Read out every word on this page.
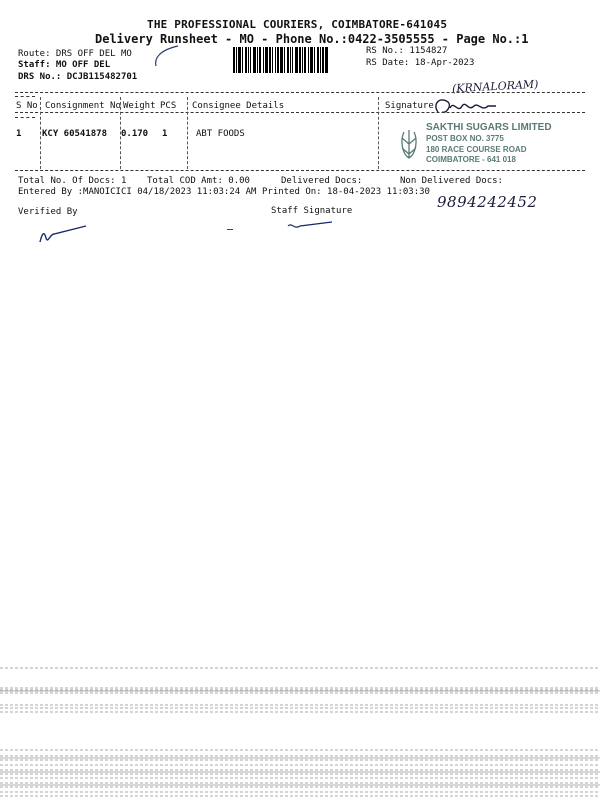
THE PROFESSIONAL COURIERS, COIMBATORE-641045
Delivery Runsheet - MO - Phone No.:0422-3505555 - Page No.:1
Route: DRS OFF DEL MO
Staff: MO OFF DEL
DRS No.: DCJB115482701
RS No.: 1154827
RS Date: 18-Apr-2023
(KRNALORAM)
S No Consignment No Weight PCS Consignee Details	Signature
1 KCY 60541878 0.170 1	ABT FOODS
SAKTHI SUGARS LIMITED
POST BOX NO. 3775
180 RACE COURSE ROAD
COIMBATORE - 641 018
Total No. Of Docs: 1 Total COD Amt: 0.00	Delivered Docs:	Non Delivered Docs:
Entered By :MANOICICI 04/18/2023 11:03:24 AM Printed On: 18-04-2023 11:03:30
9894242452
Verified By	Staff Signature
